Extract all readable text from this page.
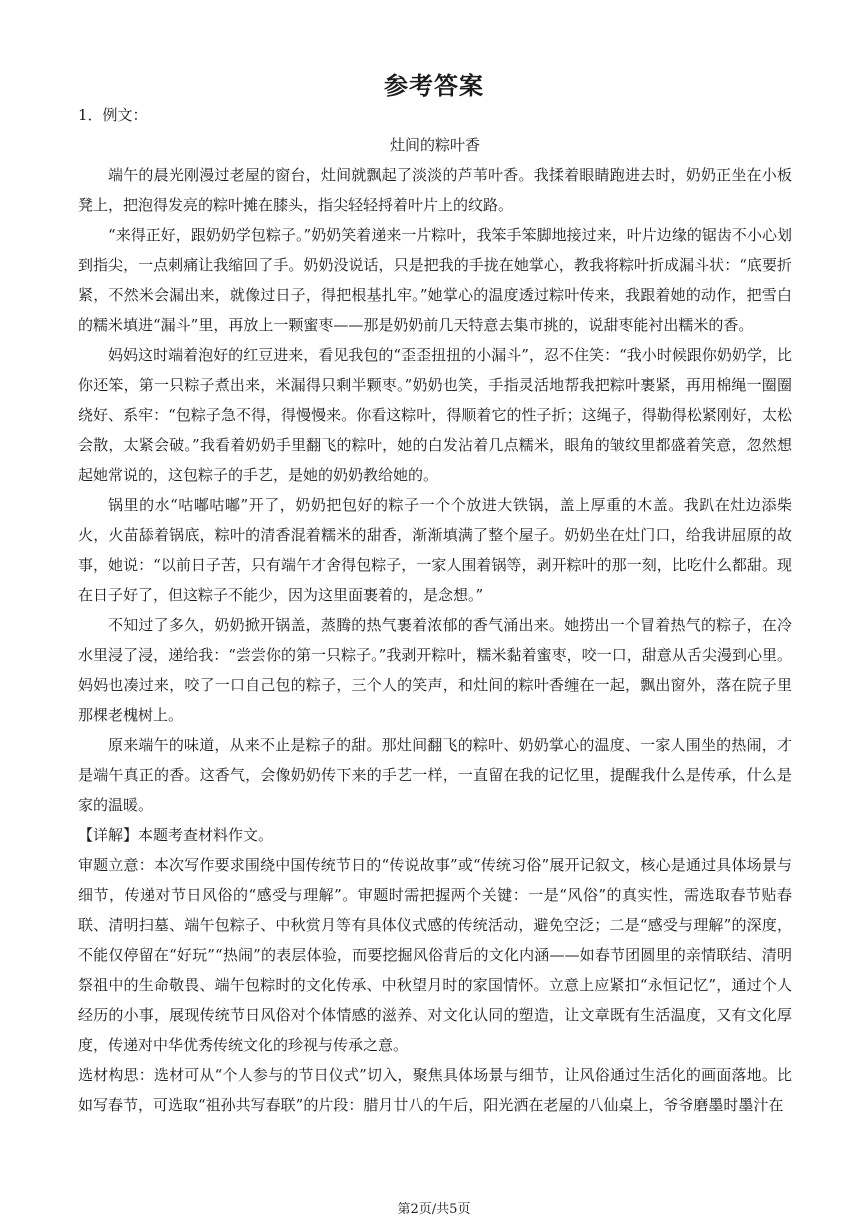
参考答案

1．例文：

灶间的粽叶香

端午的晨光刚漫过老屋的窗台，灶间就飘起了淡淡的芦苇叶香。我揉着眼睛跑进去时，奶奶正坐在小板凳上，把泡得发亮的粽叶摊在膝头，指尖轻轻捋着叶片上的纹路。

“来得正好，跟奶奶学包粽子。”奶奶笑着递来一片粽叶，我笨手笨脚地接过来，叶片边缘的锯齿不小心划到指尖，一点刺痛让我缩回了手。奶奶没说话，只是把我的手拢在她掌心，教我将粽叶折成漏斗状：“底要折紧，不然米会漏出来，就像过日子，得把根基扎牢。”她掌心的温度透过粽叶传来，我跟着她的动作，把雪白的糯米填进“漏斗”里，再放上一颗蜜枣——那是奶奶前几天特意去集市挑的，说甜枣能衬出糯米的香。

妈妈这时端着泡好的红豆进来，看见我包的“歪歪扭扭的小漏斗”，忍不住笑：“我小时候跟你奶奶学，比你还笨，第一只粽子煮出来，米漏得只剩半颗枣。”奶奶也笑，手指灵活地帮我把粽叶裹紧，再用棉绳一圈圈绕好、系牢：“包粽子急不得，得慢慢来。你看这粽叶，得顺着它的性子折；这绳子，得勒得松紧刚好，太松会散，太紧会破。”我看着奶奶手里翻飞的粽叶，她的白发沾着几点糯米，眼角的皱纹里都盛着笑意，忽然想起她常说的，这包粽子的手艺，是她的奶奶教给她的。

锅里的水“咕嘟咕嘟”开了，奶奶把包好的粽子一个个放进大铁锅，盖上厚重的木盖。我趴在灶边添柴火，火苗舔着锅底，粽叶的清香混着糯米的甜香，渐渐填满了整个屋子。奶奶坐在灶门口，给我讲屈原的故事，她说：“以前日子苦，只有端午才舍得包粽子，一家人围着锅等，剥开粽叶的那一刻，比吃什么都甜。现在日子好了，但这粽子不能少，因为这里面裹着的，是念想。”

不知过了多久，奶奶掀开锅盖，蒸腾的热气裹着浓郁的香气涌出来。她捞出一个冒着热气的粽子，在冷水里浸了浸，递给我：“尝尝你的第一只粽子。”我剥开粽叶，糯米黏着蜜枣，咬一口，甜意从舌尖漫到心里。妈妈也凑过来，咬了一口自己包的粽子，三个人的笑声，和灶间的粽叶香缠在一起，飘出窗外，落在院子里那棵老槐树上。

原来端午的味道，从来不止是粽子的甜。那灶间翻飞的粽叶、奶奶掌心的温度、一家人围坐的热闹，才是端午真正的香。这香气，会像奶奶传下来的手艺一样，一直留在我的记忆里，提醒我什么是传承，什么是家的温暖。

【详解】本题考查材料作文。

审题立意：本次写作要求围绕中国传统节日的“传说故事”或“传统习俗”展开记叙文，核心是通过具体场景与细节，传递对节日风俗的“感受与理解”。审题时需把握两个关键：一是“风俗”的真实性，需选取春节贴春联、清明扫墓、端午包粽子、中秋赏月等有具体仪式感的传统活动，避免空泛；二是“感受与理解”的深度，不能仅停留在“好玩”“热闹”的表层体验，而要挖掘风俗背后的文化内涵——如春节团圆里的亲情联结、清明祭祖中的生命敬畏、端午包粽时的文化传承、中秋望月时的家国情怀。立意上应紧扣“永恒记忆”，通过个人经历的小事，展现传统节日风俗对个体情感的滋养、对文化认同的塑造，让文章既有生活温度，又有文化厚度，传递对中华优秀传统文化的珍视与传承之意。

选材构思：选材可从“个人参与的节日仪式”切入，聚焦具体场景与细节，让风俗通过生活化的画面落地。比如写春节，可选取“祖孙共写春联”的片段：腊月廿八的午后，阳光洒在老屋的八仙桌上，爷爷磨墨时墨汁在

第2页/共5页
